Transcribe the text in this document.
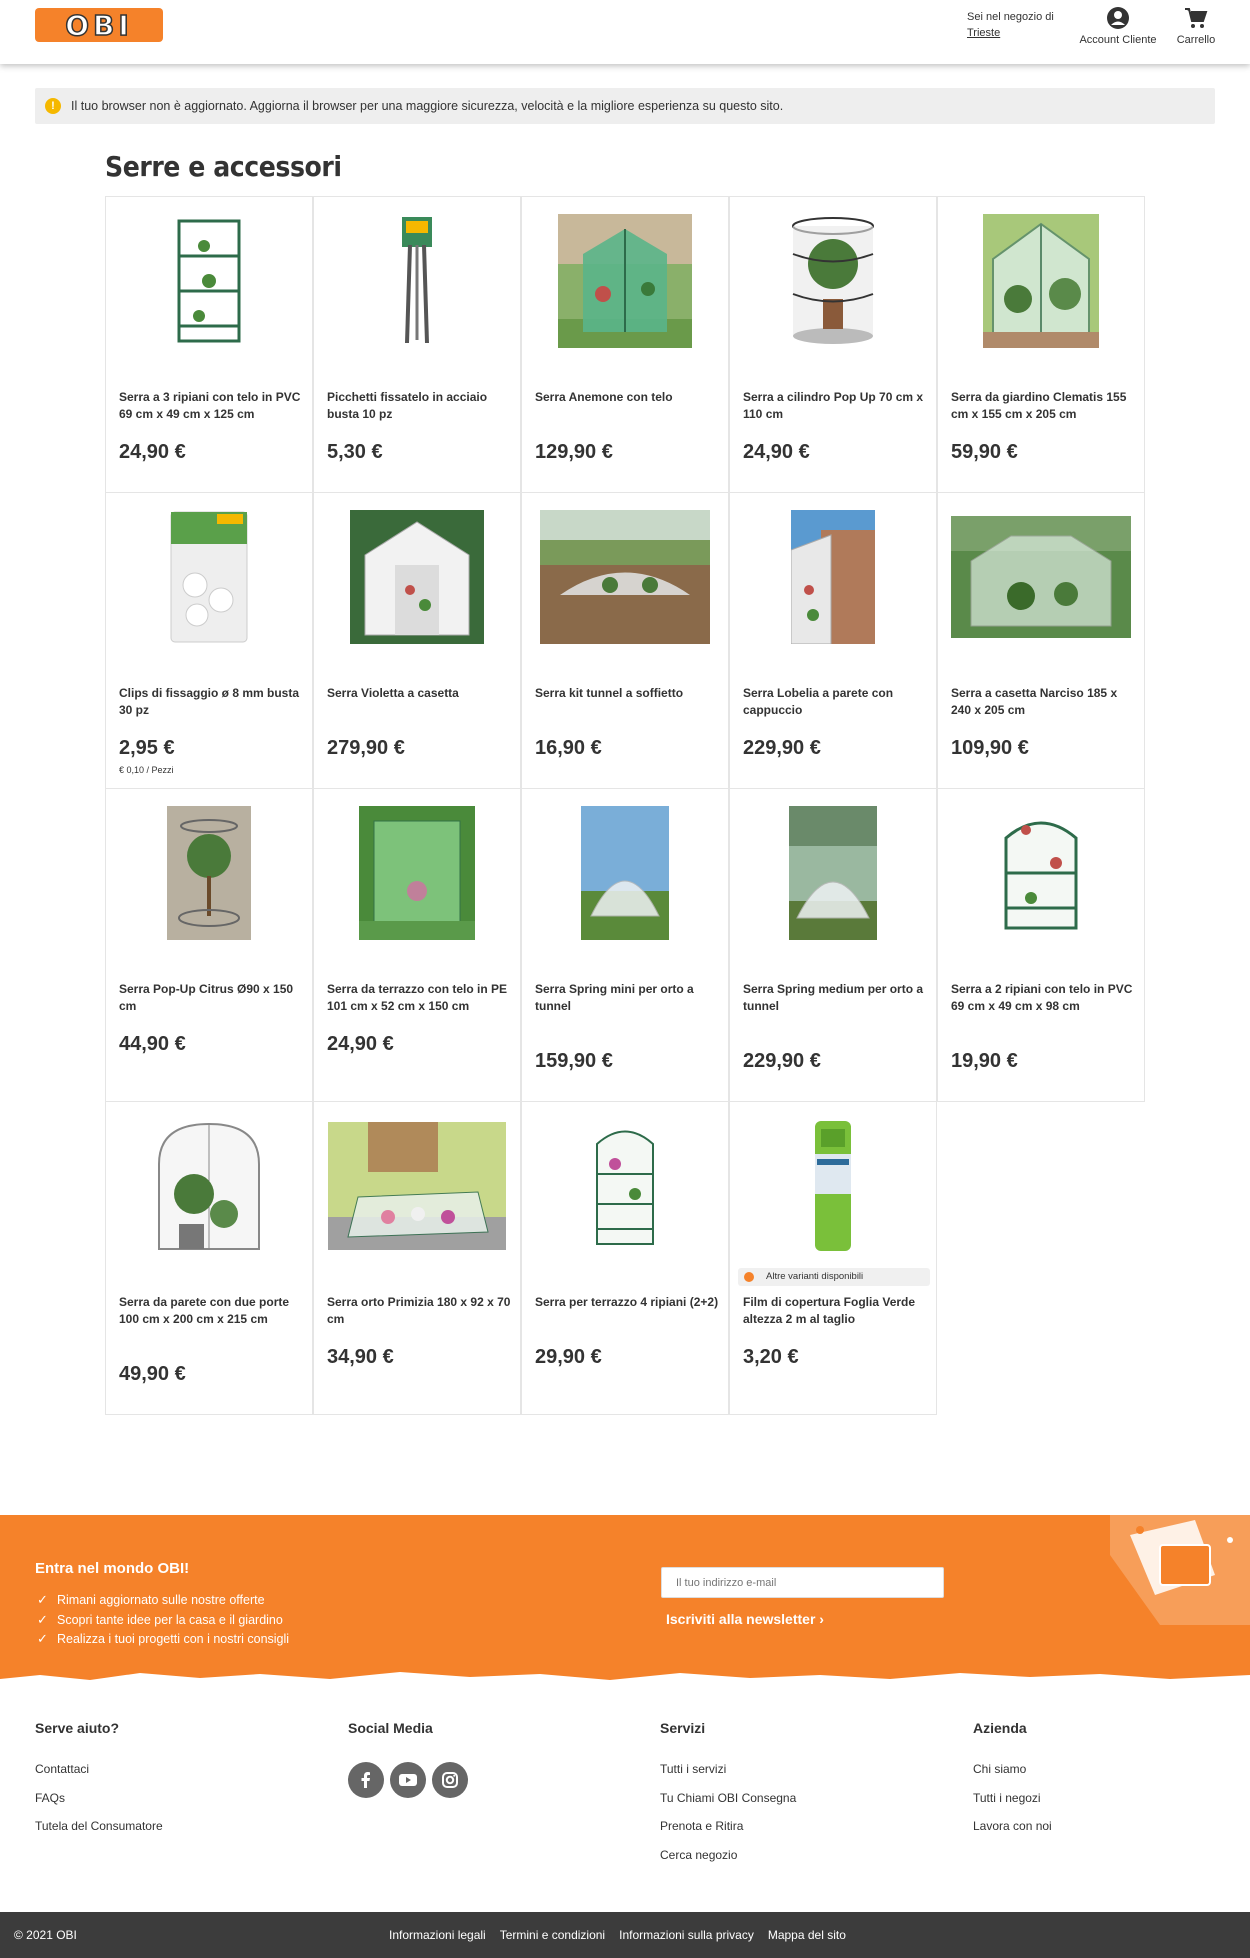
OBI	Sei nel negozio di
Trieste
Account Cliente	Carrello
!	Il tuo browser non è aggiornato. Aggiorna il browser per una maggiore sicurezza, velocità e la migliore esperienza su questo sito.
Serre e accessori
Serra a 3 ripiani con telo in PVC 69 cm x 49 cm x 125 cm
24,90 €
Picchetti fissatelo in acciaio busta 10 pz
5,30 €
Serra Anemone con telo
129,90 €
Serra a cilindro Pop Up 70 cm x 110 cm
24,90 €
Serra da giardino Clematis 155 cm x 155 cm x 205 cm
59,90 €
Clips di fissaggio ø 8 mm busta 30 pz
2,95 €
€ 0,10 / Pezzi
Serra Violetta a casetta
279,90 €
Serra kit tunnel a soffietto
16,90 €
Serra Lobelia a parete con cappuccio
229,90 €
Serra a casetta Narciso 185 x 240 x 205 cm
109,90 €
Serra Pop-Up Citrus Ø90 x 150 cm
44,90 €
Serra da terrazzo con telo in PE 101 cm x 52 cm x 150 cm
24,90 €
Serra Spring mini per orto a tunnel
159,90 €
Serra Spring medium per orto a tunnel
229,90 €
Serra a 2 ripiani con telo in PVC 69 cm x 49 cm x 98 cm
19,90 €
Serra da parete con due porte 100 cm x 200 cm x 215 cm
49,90 €
Serra orto Primizia 180 x 92 x 70 cm
34,90 €
Serra per terrazzo 4 ripiani (2+2)
29,90 €
Altre varianti disponibili
Film di copertura Foglia Verde altezza 2 m al taglio
3,20 €
Entra nel mondo OBI!
✓ Rimani aggiornato sulle nostre offerte
✓ Scopri tante idee per la casa e il giardino
✓ Realizza i tuoi progetti con i nostri consigli
Il tuo indirizzo e-mail
Iscriviti alla newsletter ›
Serve aiuto?
Contattaci
FAQs
Tutela del Consumatore
Social Media	Servizi
Tutti i servizi
Tu Chiami OBI Consegna
Prenota e Ritira
Cerca negozio
Azienda
Chi siamo
Tutti i negozi
Lavora con noi
© 2021 OBI	Informazioni legali Termini e condizioni Informazioni sulla privacy Mappa del sito
